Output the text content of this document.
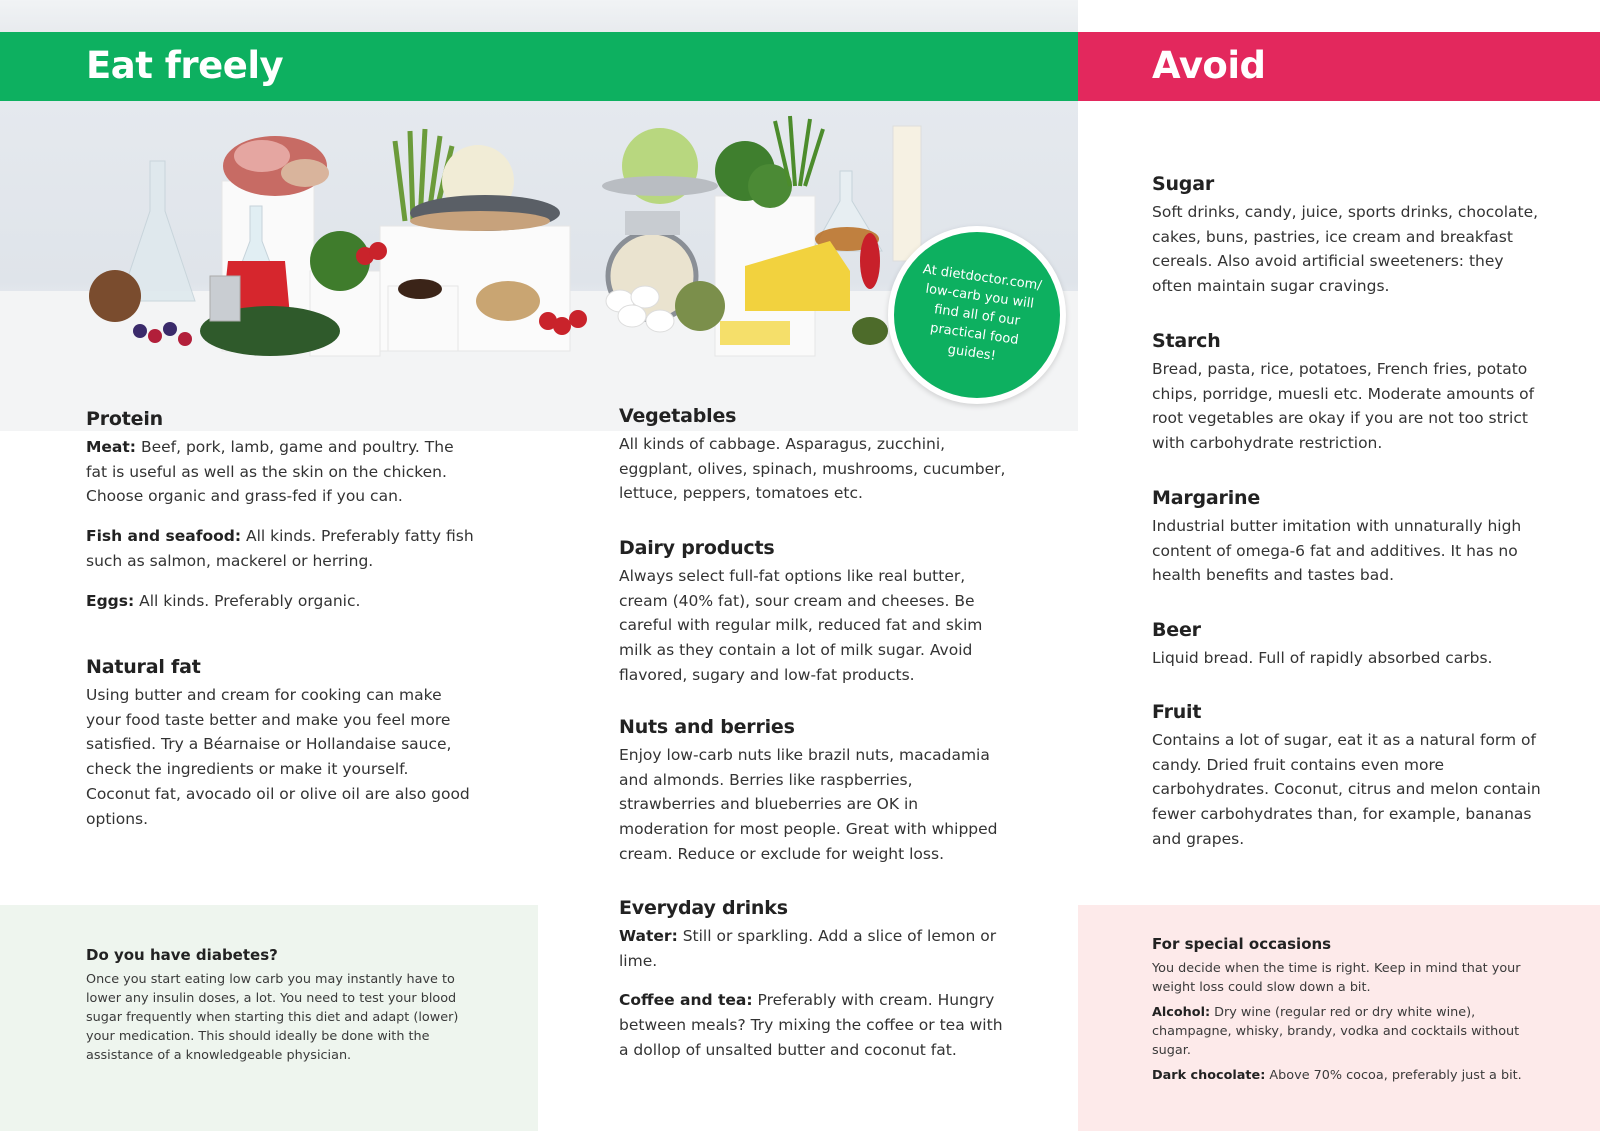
Eat freely	Avoid
At dietdoctor.com/ low-carb you will find all of our practical food guides!
Protein
Meat: Beef, pork, lamb, game and poultry. The fat is useful as well as the skin on the chicken. Choose organic and grass-fed if you can.
Fish and seafood: All kinds. Preferably fatty fish such as salmon, mackerel or herring.
Eggs: All kinds. Preferably organic.
Natural fat
Using butter and cream for cooking can make your food taste better and make you feel more satisfied. Try a Béarnaise or Hollandaise sauce, check the ingredients or make it yourself. Coconut fat, avocado oil or olive oil are also good options.
Vegetables
All kinds of cabbage. Asparagus, zucchini, eggplant, olives, spinach, mushrooms, cucumber, lettuce, peppers, tomatoes etc.
Dairy products
Always select full-fat options like real butter, cream (40% fat), sour cream and cheeses. Be careful with regular milk, reduced fat and skim milk as they contain a lot of milk sugar. Avoid flavored, sugary and low-fat products.
Nuts and berries
Enjoy low-carb nuts like brazil nuts, macadamia and almonds. Berries like raspberries, strawberries and blueberries are OK in moderation for most people. Great with whipped cream. Reduce or exclude for weight loss.
Everyday drinks
Water: Still or sparkling. Add a slice of lemon or lime.
Coffee and tea: Preferably with cream. Hungry between meals? Try mixing the coffee or tea with a dollop of unsalted butter and coconut fat.
Sugar
Soft drinks, candy, juice, sports drinks, chocolate, cakes, buns, pastries, ice cream and breakfast cereals. Also avoid artificial sweeteners: they often maintain sugar cravings.
Starch
Bread, pasta, rice, potatoes, French fries, potato chips, porridge, muesli etc. Moderate amounts of root vegetables are okay if you are not too strict with carbohydrate restriction.
Margarine
Industrial butter imitation with unnaturally high content of omega-6 fat and additives. It has no health benefits and tastes bad.
Beer
Liquid bread. Full of rapidly absorbed carbs.
Fruit
Contains a lot of sugar, eat it as a natural form of candy. Dried fruit contains even more carbohydrates. Coconut, citrus and melon contain fewer carbohydrates than, for example, bananas and grapes.
Do you have diabetes?
Once you start eating low carb you may instantly have to lower any insulin doses, a lot. You need to test your blood sugar frequently when starting this diet and adapt (lower) your medication. This should ideally be done with the assistance of a knowledgeable physician.
For special occasions
You decide when the time is right. Keep in mind that your weight loss could slow down a bit.
Alcohol: Dry wine (regular red or dry white wine), champagne, whisky, brandy, vodka and cocktails without sugar.
Dark chocolate: Above 70% cocoa, preferably just a bit.
